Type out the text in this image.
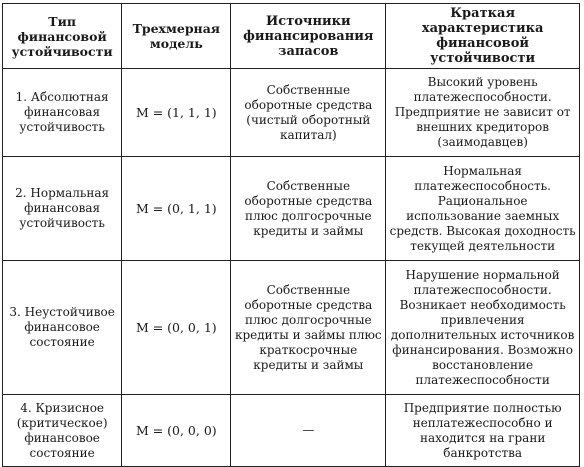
Тип финансовой устойчивости	Трехмерная модель	Источники финансирования запасов	Краткая характеристика финансовой устойчивости
1. Абсолютная финансовая устойчивость	M = (1, 1, 1)	Собственные оборотные средства (чистый оборотный капитал)	Высокий уровень платежеспособности. Предприятие не зависит от внешних кредиторов (заимодавцев)
2. Нормальная финансовая устойчивость	M = (0, 1, 1)	Собственные оборотные средства плюс долгосрочные кредиты и займы	Нормальная платежеспособность. Рациональное использование заемных средств. Высокая доходность текущей деятельности
3. Неустойчивое финансовое состояние	M = (0, 0, 1)	Собственные оборотные средства плюс долгосрочные кредиты и займы плюс краткосрочные кредиты и займы	Нарушение нормальной платежеспособности. Возникает необходимость привлечения дополнительных источников финансирования. Возможно восстановление платежеспособности
4. Кризисное (критическое) финансовое состояние	M = (0, 0, 0)	—	Предприятие полностью неплатежеспособно и находится на грани банкротства
